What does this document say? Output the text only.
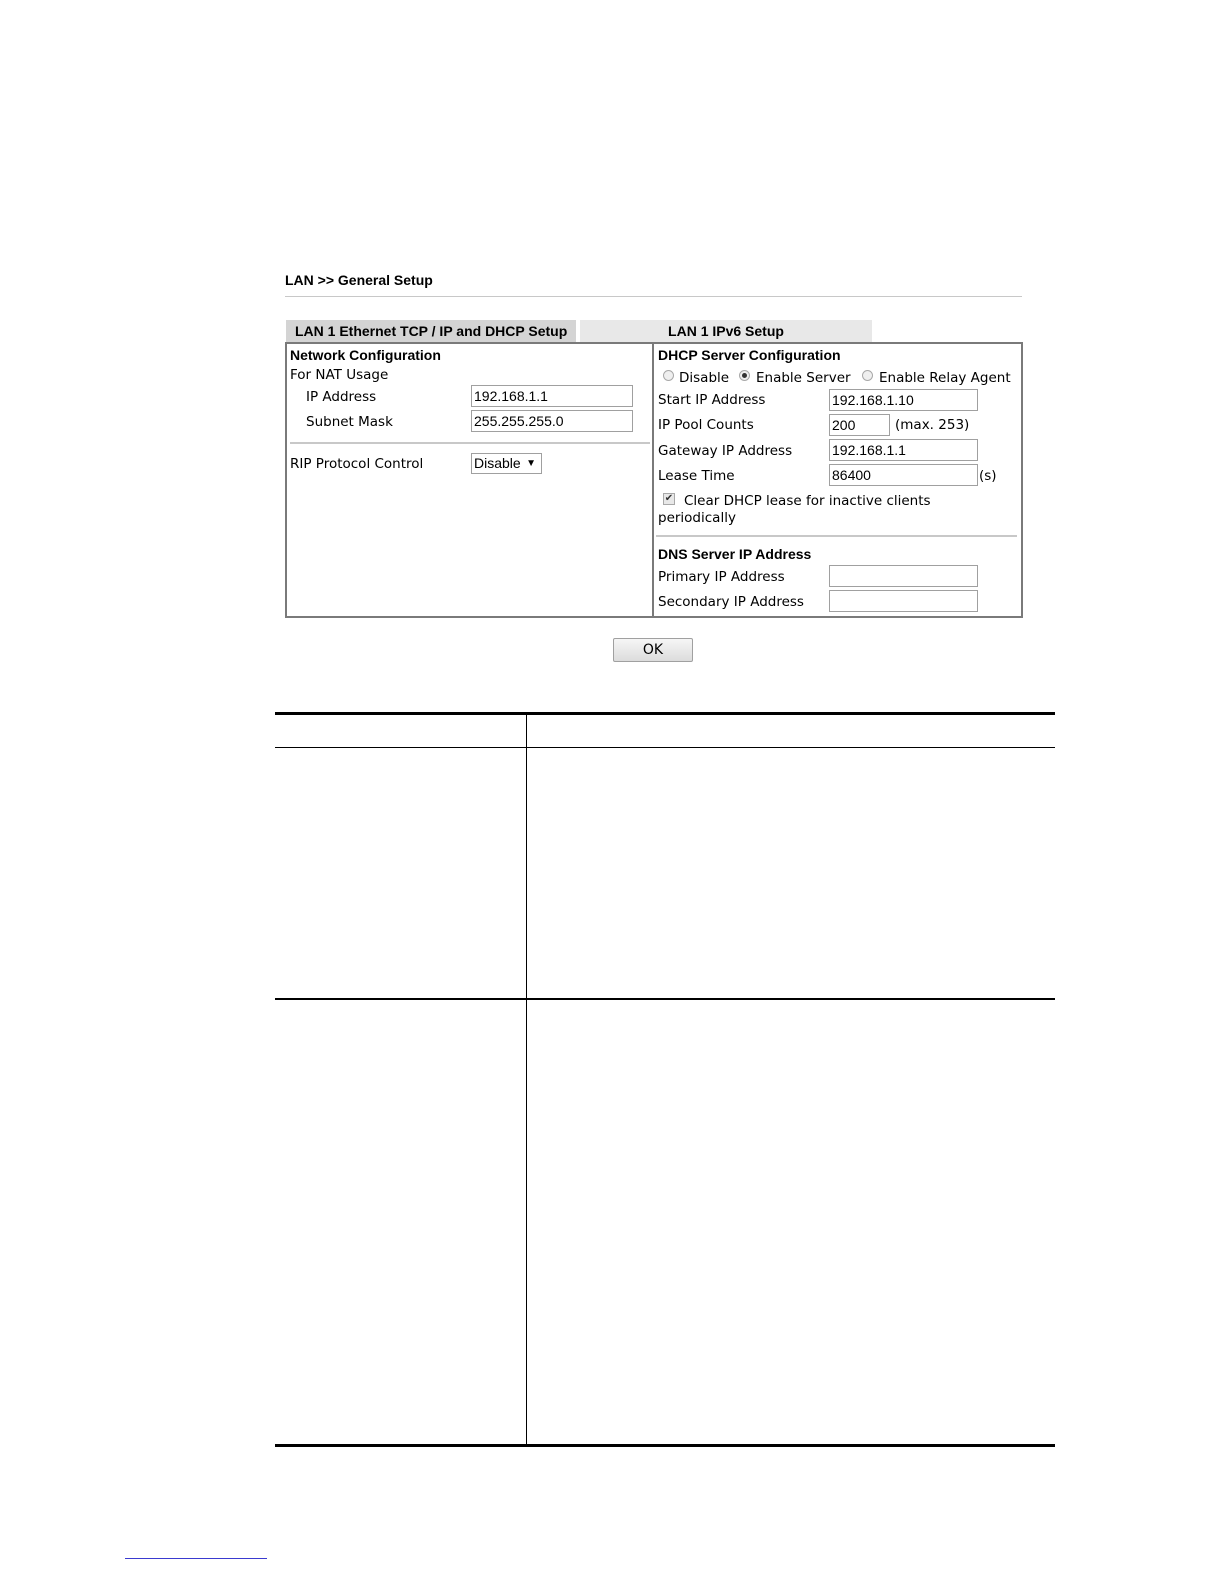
LAN >> General Setup
LAN 1 Ethernet TCP / IP and DHCP Setup	LAN 1 IPv6 Setup
Network Configuration
For NAT Usage
IP Address	192.168.1.1
Subnet Mask	255.255.255.0
RIP Protocol Control	Disable ▼
DHCP Server Configuration
Disable Enable Server Enable Relay Agent
Start IP Address	192.168.1.10
IP Pool Counts	200	(max. 253)
Gateway IP Address	192.168.1.1
Lease Time	86400	(s)
✔ Clear DHCP lease for inactive clients
periodically
DNS Server IP Address
Primary IP Address
Secondary IP Address
OK
